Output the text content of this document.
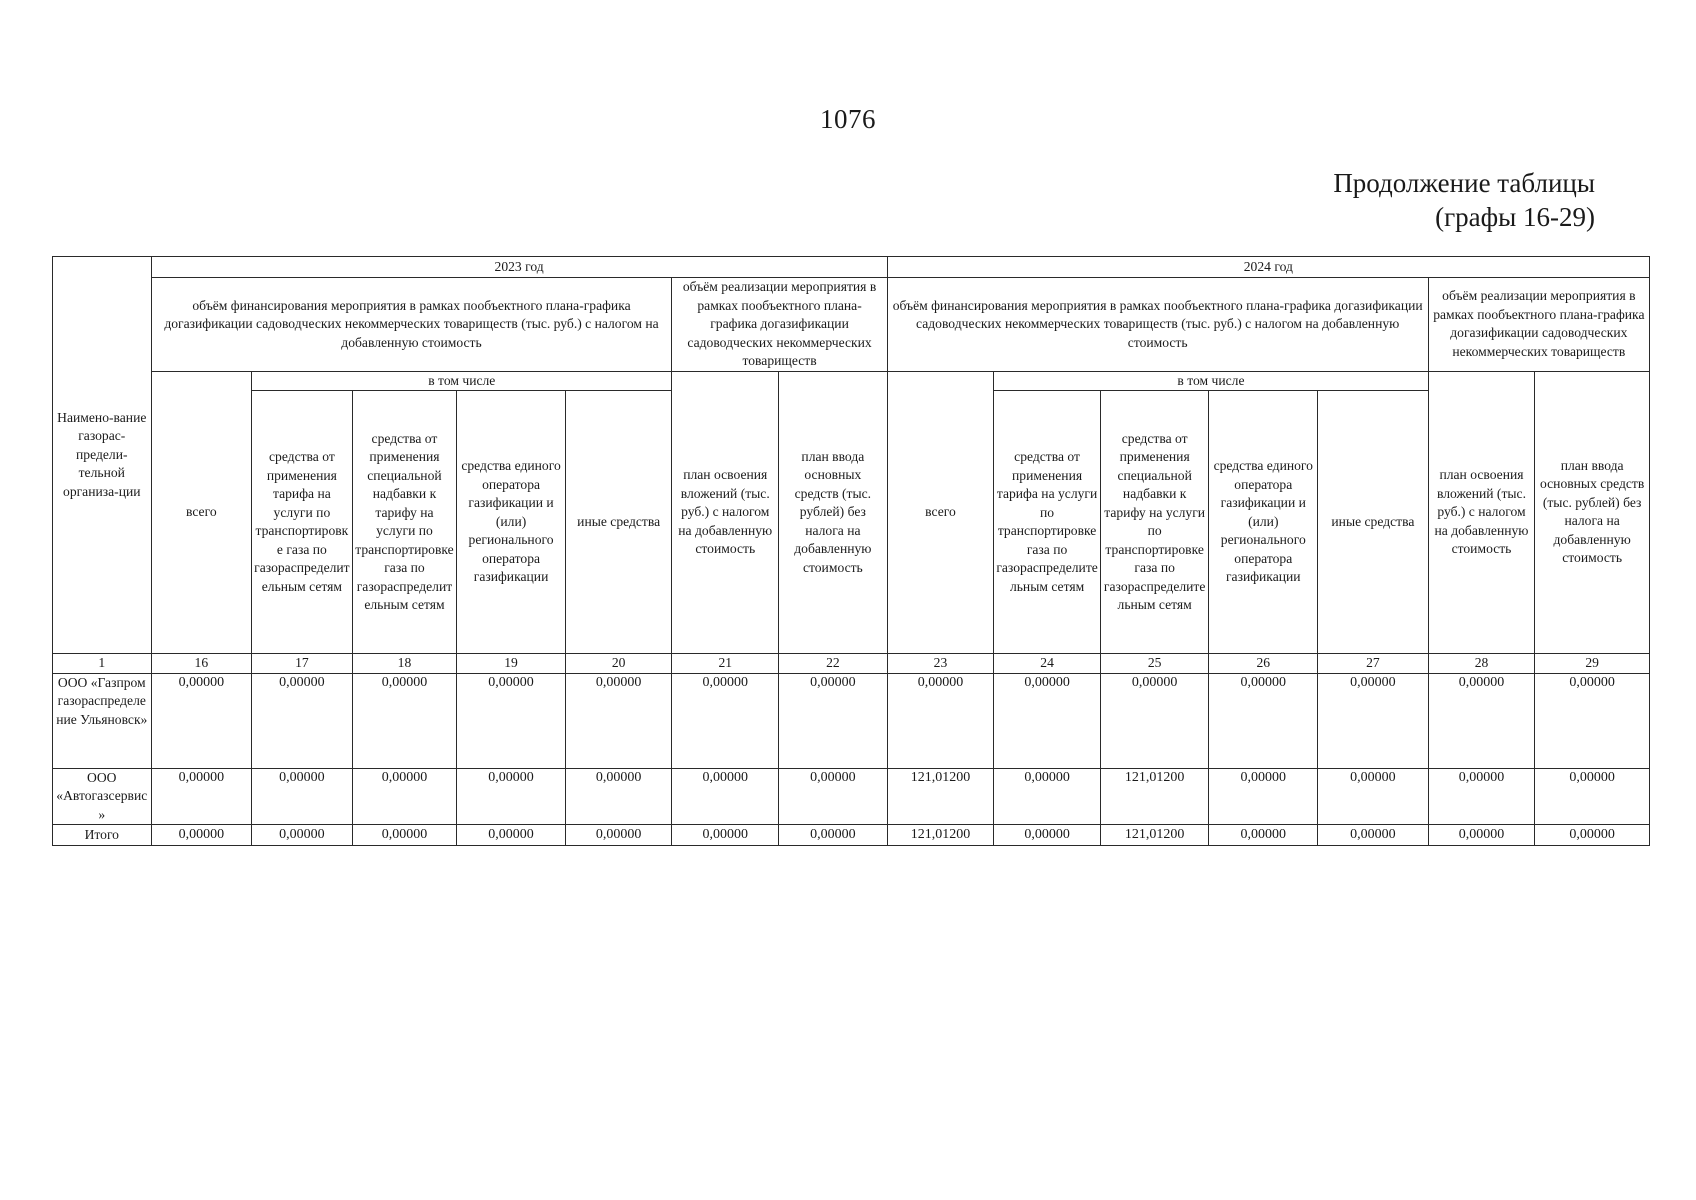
1076
Продолжение таблицы
(графы 16-29)
Наимено-вание газорас-предели-тельной организа-ции	2023 год							2024 год						
	объём финансирования мероприятия в рамках пообъектного плана-графика догазификации садоводческих некоммерческих товариществ (тыс. руб.) с налогом на добавленную стоимость					объём реализации мероприятия в рамках пообъектного плана-графика догазификации садоводческих некоммерческих товариществ		объём финансирования мероприятия в рамках пообъектного плана-графика догазификации садоводческих некоммерческих товариществ (тыс. руб.) с налогом на добавленную стоимость					объём реализации мероприятия в рамках пообъектного плана-графика догазификации садоводческих некоммерческих товариществ	
	всего	в том числе				план освоения вложений (тыс. руб.) с налогом на добавленную стоимость	план ввода основных средств (тыс. рублей) без налога на добавленную стоимость	всего	в том числе				план освоения вложений (тыс. руб.) с налогом на добавленную стоимость	план ввода основных средств (тыс. рублей) без налога на добавленную стоимость
		средства от применения тарифа на услуги по транспортировке газа по газораспределительным сетям	средства от применения специальной надбавки к тарифу на услуги по транспортировке газа по газораспределительным сетям	средства единого оператора газификации и (или) регионального оператора газификации	иные средства				средства от применения тарифа на услуги по транспортировке газа по газораспределительным сетям	средства от применения специальной надбавки к тарифу на услуги по транспортировке газа по газораспределительным сетям	средства единого оператора газификации и (или) регионального оператора газификации	иные средства		
1	16	17	18	19	20	21	22	23	24	25	26	27	28	29
ООО «Газпром газораспределение Ульяновск»	0,00000	0,00000	0,00000	0,00000	0,00000	0,00000	0,00000	0,00000	0,00000	0,00000	0,00000	0,00000	0,00000	0,00000
ООО «Автогазсервис»	0,00000	0,00000	0,00000	0,00000	0,00000	0,00000	0,00000	121,01200	0,00000	121,01200	0,00000	0,00000	0,00000	0,00000
Итого	0,00000	0,00000	0,00000	0,00000	0,00000	0,00000	0,00000	121,01200	0,00000	121,01200	0,00000	0,00000	0,00000	0,00000
